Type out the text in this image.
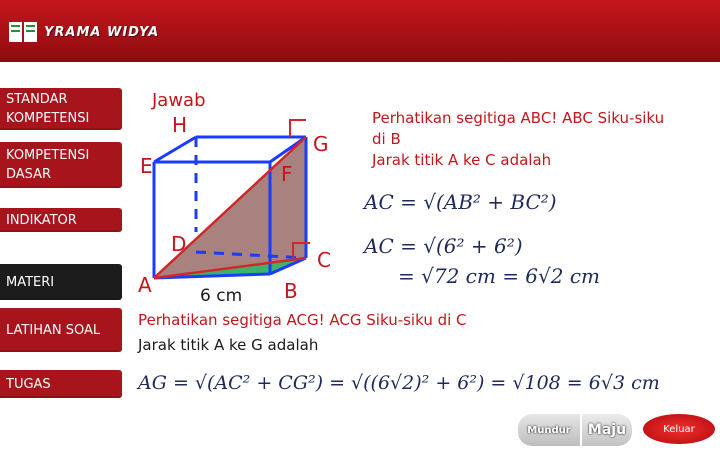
YRAMA WIDYA
STANDAR KOMPETENSI
KOMPETENSI DASAR
INDIKATOR
MATERI
LATIHAN SOAL
TUGAS
Jawab
H
G
E	F
D
C
A	B
6 cm
Perhatikan segitiga ABC! ABC Siku-siku
di B
Jarak titik A ke C adalah
AC = √(AB² + BC²)
AC = √(6² + 6²)
= √72 cm = 6√2 cm
Perhatikan segitiga ACG! ACG Siku-siku di C
Jarak titik A ke G adalah
AG = √(AC² + CG²) = √((6√2)² + 6²) = √108 = 6√3 cm
Mundur Maju	Keluar
